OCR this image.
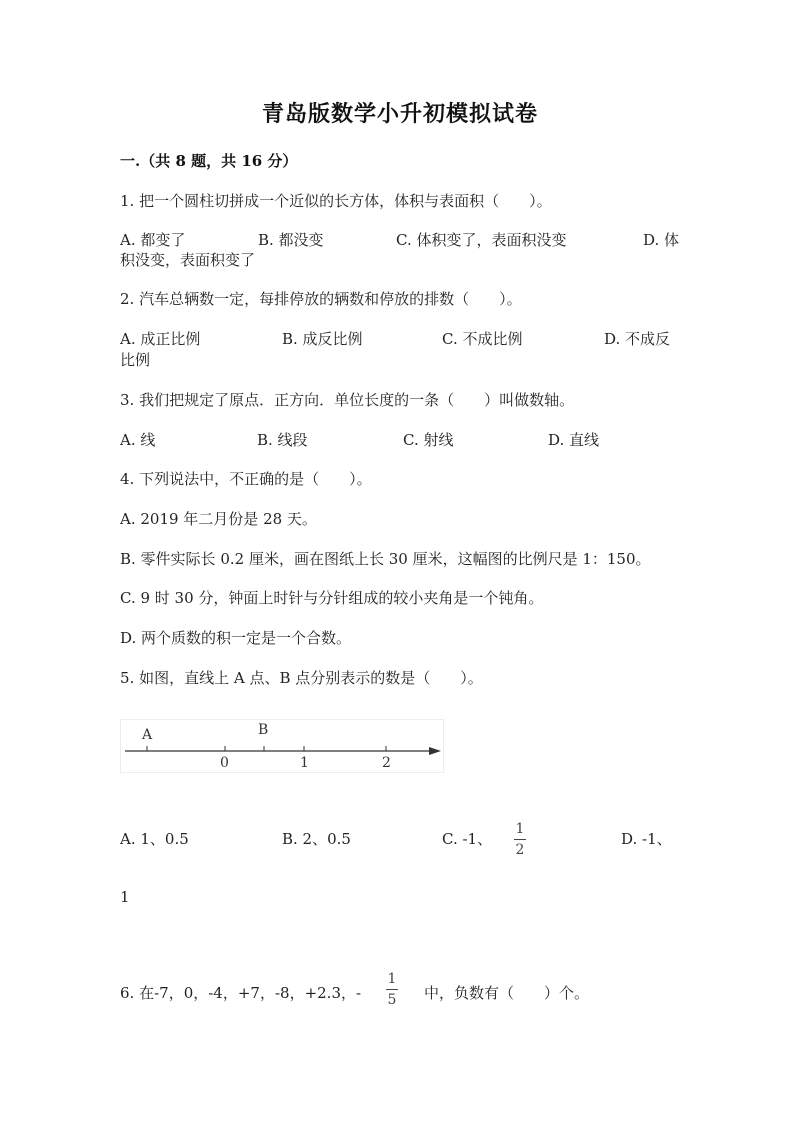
青岛版数学小升初模拟试卷
一.（共 8 题，共 16 分）
1. 把一个圆柱切拼成一个近似的长方体，体积与表面积（　　）。
A. 都变了	B. 都没变	C. 体积变了，表面积没变	D. 体
积没变，表面积变了
2. 汽车总辆数一定，每排停放的辆数和停放的排数（　　）。
A. 成正比例	B. 成反比例	C. 不成比例	D. 不成反
比例
3. 我们把规定了原点．正方向．单位长度的一条（　　）叫做数轴。
A. 线	B. 线段	C. 射线	D. 直线
4. 下列说法中，不正确的是（　　）。
A. 2019 年二月份是 28 天。
B. 零件实际长 0.2 厘米，画在图纸上长 30 厘米，这幅图的比例尺是 1：150。
C. 9 时 30 分，钟面上时针与分针组成的较小夹角是一个钝角。
D. 两个质数的积一定是一个合数。
5. 如图，直线上 A 点、B 点分别表示的数是（　　）。
A	B
0	1	2
A. 1、0.5	B. 2、0.5	C. -1、
1
2
D. -1、
1
6. 在-7，0，-4，+7，-8，+2.3，-
1
5 中，负数有（　　）个。
